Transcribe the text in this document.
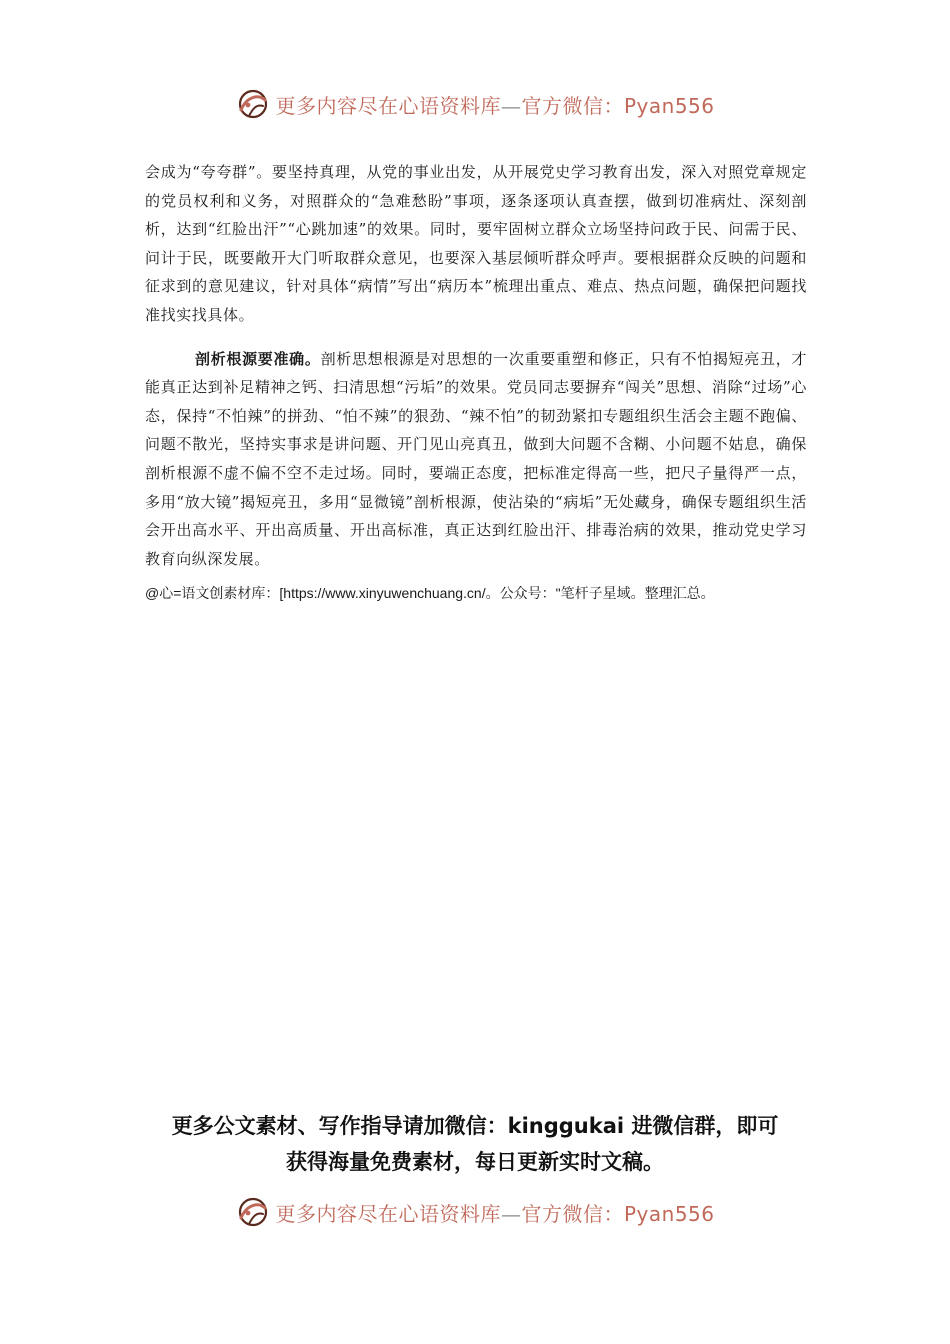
更多内容尽在心语资料库—官方微信：Pyan556

会成为“夸夸群”。要坚持真理，从党的事业出发，从开展党史学习教育出发，深入对照党章规定的党员权利和义务，对照群众的“急难愁盼”事项，逐条逐项认真查摆，做到切准病灶、深刻剖析，达到“红脸出汗”“心跳加速”的效果。同时，要牢固树立群众立场坚持问政于民、问需于民、问计于民，既要敞开大门听取群众意见，也要深入基层倾听群众呼声。要根据群众反映的问题和征求到的意见建议，针对具体“病情”写出“病历本”梳理出重点、难点、热点问题，确保把问题找准找实找具体。

剖析根源要准确。剖析思想根源是对思想的一次重要重塑和修正，只有不怕揭短亮丑，才能真正达到补足精神之钙、扫清思想“污垢”的效果。党员同志要摒弃“闯关”思想、消除“过场”心态，保持“不怕辣”的拼劲、“怕不辣”的狠劲、“辣不怕”的韧劲紧扣专题组织生活会主题不跑偏、问题不散光，坚持实事求是讲问题、开门见山亮真丑，做到大问题不含糊、小问题不姑息，确保剖析根源不虚不偏不空不走过场。同时，要端正态度，把标准定得高一些，把尺子量得严一点，多用“放大镜”揭短亮丑，多用“显微镜”剖析根源，使沾染的“病垢”无处藏身，确保专题组织生活会开出高水平、开出高质量、开出高标准，真正达到红脸出汗、排毒治病的效果，推动党史学习教育向纵深发展。

@心=语文创素材库：[https://www.xinyuwenchuang.cn/。公众号："笔杆子星域。整理汇总。
更多公文素材、写作指导请加微信：kinggukai 进微信群，即可
获得海量免费素材，每日更新实时文稿。
更多内容尽在心语资料库—官方微信：Pyan556
